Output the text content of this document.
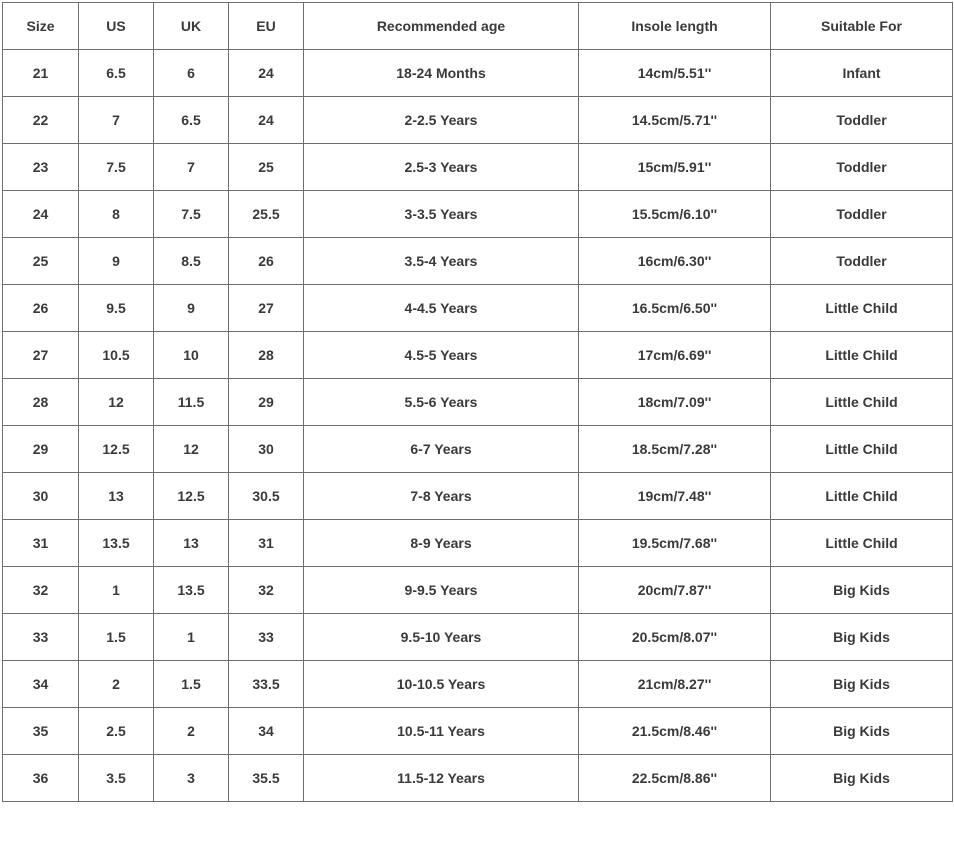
Size	US	UK	EU	Recommended age	Insole length	Suitable For
21	6.5	6	24	18-24 Months	14cm/5.51''	Infant
22	7	6.5	24	2-2.5 Years	14.5cm/5.71''	Toddler
23	7.5	7	25	2.5-3 Years	15cm/5.91''	Toddler
24	8	7.5	25.5	3-3.5 Years	15.5cm/6.10''	Toddler
25	9	8.5	26	3.5-4 Years	16cm/6.30''	Toddler
26	9.5	9	27	4-4.5 Years	16.5cm/6.50''	Little Child
27	10.5	10	28	4.5-5 Years	17cm/6.69''	Little Child
28	12	11.5	29	5.5-6 Years	18cm/7.09''	Little Child
29	12.5	12	30	6-7 Years	18.5cm/7.28''	Little Child
30	13	12.5	30.5	7-8 Years	19cm/7.48''	Little Child
31	13.5	13	31	8-9 Years	19.5cm/7.68''	Little Child
32	1	13.5	32	9-9.5 Years	20cm/7.87''	Big Kids
33	1.5	1	33	9.5-10 Years	20.5cm/8.07''	Big Kids
34	2	1.5	33.5	10-10.5 Years	21cm/8.27''	Big Kids
35	2.5	2	34	10.5-11 Years	21.5cm/8.46''	Big Kids
36	3.5	3	35.5	11.5-12 Years	22.5cm/8.86''	Big Kids
